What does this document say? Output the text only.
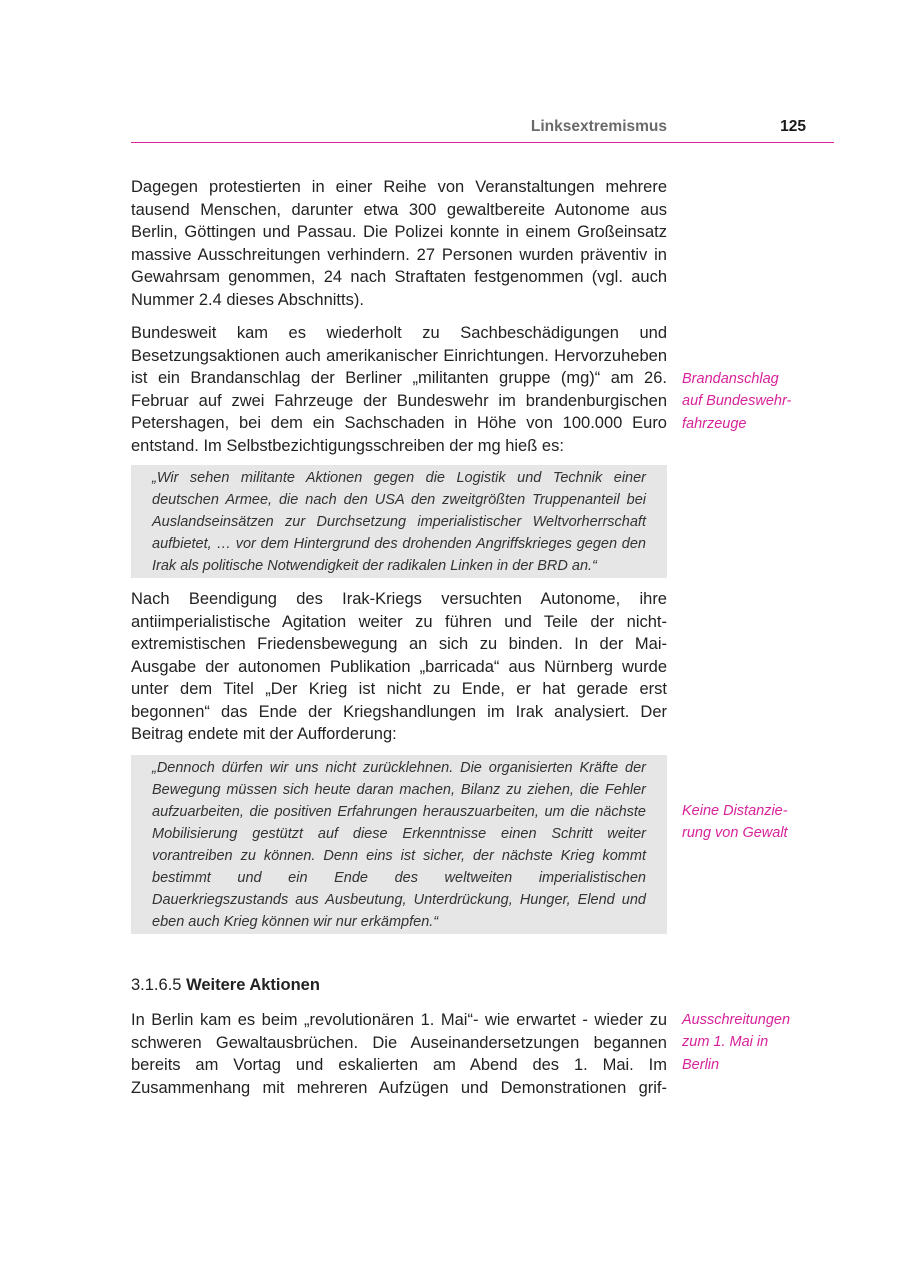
Linksextremismus	125

Dagegen protestierten in einer Reihe von Veranstaltungen mehrere tausend Menschen, darunter etwa 300 gewaltbereite Autonome aus Berlin, Göttingen und Passau. Die Polizei konnte in einem Großeinsatz massive Ausschreitungen verhindern. 27 Personen wurden präventiv in Gewahrsam genommen, 24 nach Straftaten festgenommen (vgl. auch Nummer 2.4 dieses Abschnitts).

Bundesweit kam es wiederholt zu Sachbeschädigungen und Besetzungsaktionen auch amerikanischer Einrichtungen. Hervorzuheben ist ein Brandanschlag der Berliner „militanten gruppe (mg)“ am 26. Februar auf zwei Fahrzeuge der Bundeswehr im brandenburgischen Petershagen, bei dem ein Sachschaden in Höhe von 100.000 Euro entstand. Im Selbstbezichtigungsschreiben der mg hieß es:

Brandanschlag
auf Bundeswehr-
fahrzeuge

„Wir sehen militante Aktionen gegen die Logistik und Technik einer deutschen Armee, die nach den USA den zweitgrößten Truppenanteil bei Auslandseinsätzen zur Durchsetzung imperialistischer Weltvorherrschaft aufbietet, … vor dem Hintergrund des drohenden Angriffskrieges gegen den Irak als politische Notwendigkeit der radikalen Linken in der BRD an.“

Nach Beendigung des Irak-Kriegs versuchten Autonome, ihre antiimperialistische Agitation weiter zu führen und Teile der nicht-extremistischen Friedensbewegung an sich zu binden. In der Mai-Ausgabe der autonomen Publikation „barricada“ aus Nürnberg wurde unter dem Titel „Der Krieg ist nicht zu Ende, er hat gerade erst begonnen“ das Ende der Kriegshandlungen im Irak analysiert. Der Beitrag endete mit der Aufforderung:

„Dennoch dürfen wir uns nicht zurücklehnen. Die organisierten Kräfte der Bewegung müssen sich heute daran machen, Bilanz zu ziehen, die Fehler aufzuarbeiten, die positiven Erfahrungen herauszuarbeiten, um die nächste Mobilisierung gestützt auf diese Erkenntnisse einen Schritt weiter vorantreiben zu können. Denn eins ist sicher, der nächste Krieg kommt bestimmt und ein Ende des weltweiten imperialistischen Dauerkriegszustands aus Ausbeutung, Unterdrückung, Hunger, Elend und eben auch Krieg können wir nur erkämpfen.“

Keine Distanzie-
rung von Gewalt
3.1.6.5 Weitere Aktionen

In Berlin kam es beim „revolutionären 1. Mai“- wie erwartet - wieder zu schweren Gewaltausbrüchen. Die Auseinandersetzungen begannen bereits am Vortag und eskalierten am Abend des 1. Mai. Im Zusammenhang mit mehreren Aufzügen und Demonstrationen grif-

Ausschreitungen
zum 1. Mai in
Berlin
